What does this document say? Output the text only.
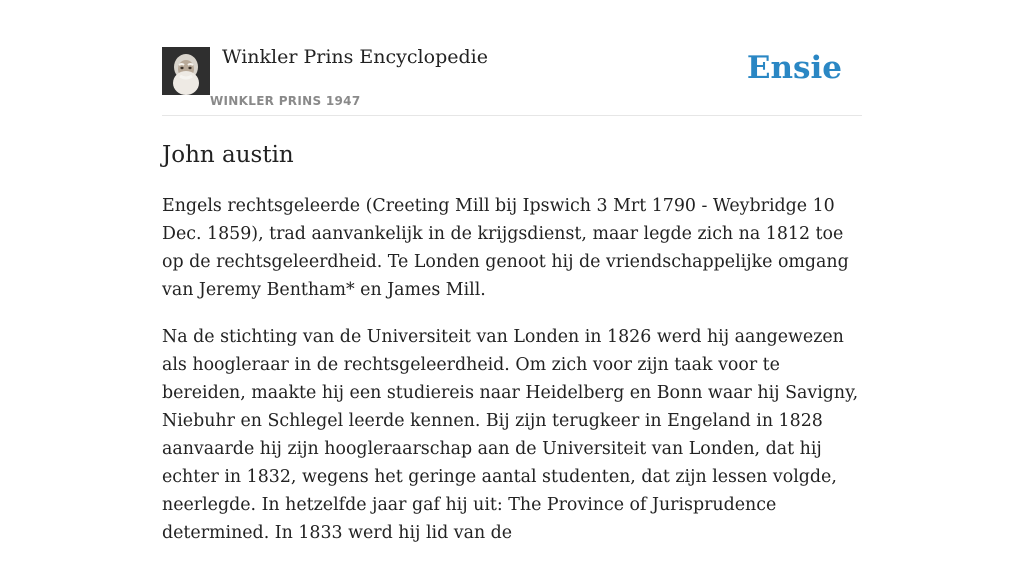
Winkler Prins Encyclopedie
WINKLER PRINS 1947
Ensie
John austin

Engels rechtsgeleerde (Creeting Mill bij Ipswich 3 Mrt 1790 - Weybridge 10 Dec. 1859), trad aanvankelijk in de krijgsdienst, maar legde zich na 1812 toe op de rechtsgeleerdheid. Te Londen genoot hij de vriendschappelijke omgang van Jeremy Bentham* en James Mill.

Na de stichting van de Universiteit van Londen in 1826 werd hij aangewezen als hoogleraar in de rechtsgeleerdheid. Om zich voor zijn taak voor te bereiden, maakte hij een studiereis naar Heidelberg en Bonn waar hij Savigny, Niebuhr en Schlegel leerde kennen. Bij zijn terugkeer in Engeland in 1828 aanvaarde hij zijn hoogleraarschap aan de Universiteit van Londen, dat hij echter in 1832, wegens het geringe aantal studenten, dat zijn lessen volgde, neerlegde. In hetzelfde jaar gaf hij uit: The Province of Jurisprudence determined. In 1833 werd hij lid van de
